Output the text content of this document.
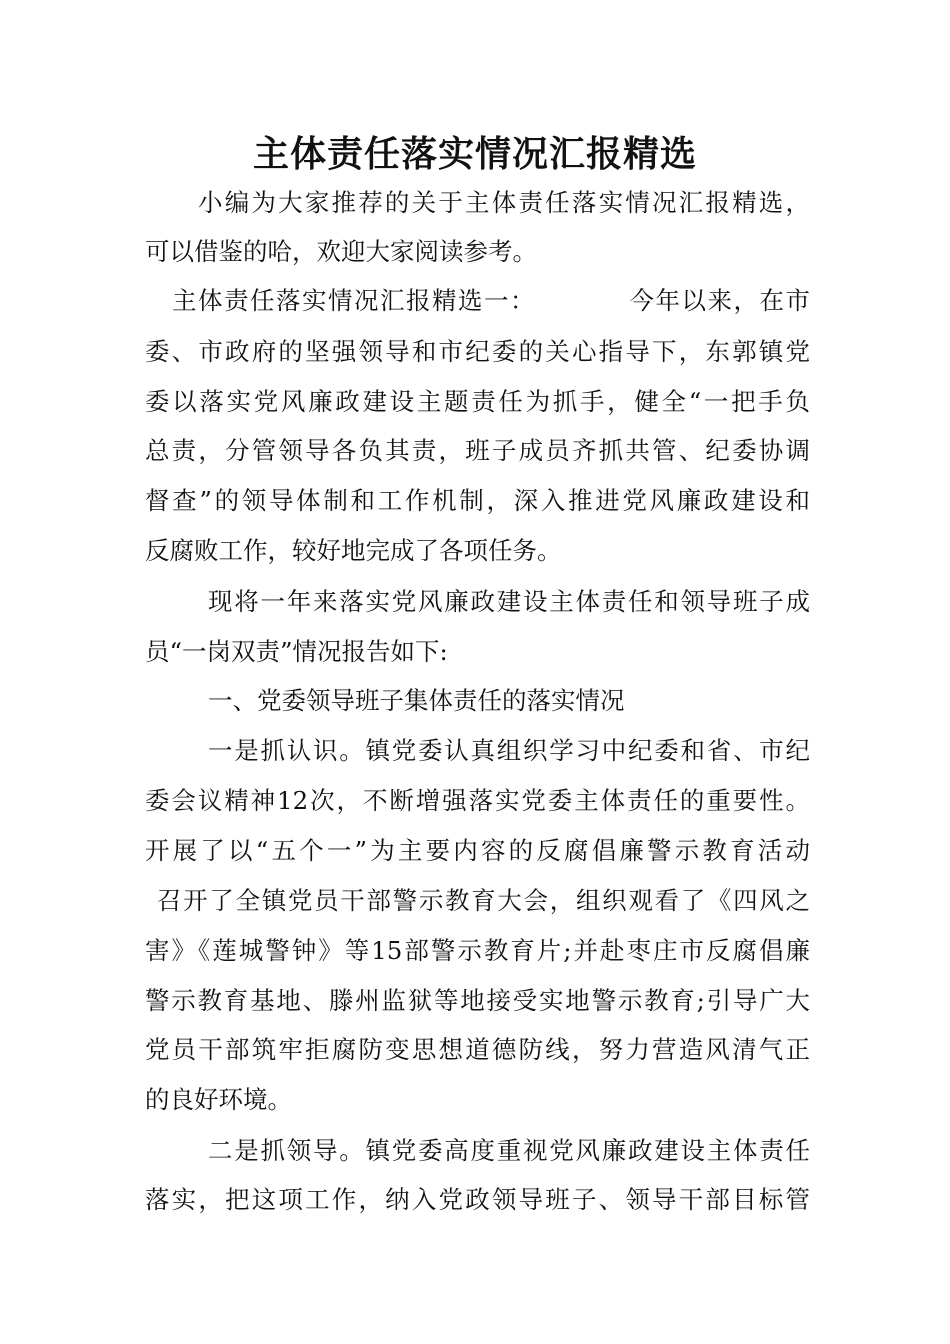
主体责任落实情况汇报精选
小编为大家推荐的关于主体责任落实情况汇报精选，
可以借鉴的哈，欢迎大家阅读参考。
主体责任落实情况汇报精选一：	今年以来，在市
委、市政府的坚强领导和市纪委的关心指导下，东郭镇党
委以落实党风廉政建设主题责任为抓手，健全“一把手负
总责，分管领导各负其责，班子成员齐抓共管、纪委协调
督查”的领导体制和工作机制，深入推进党风廉政建设和
反腐败工作，较好地完成了各项任务。
现将一年来落实党风廉政建设主体责任和领导班子成
员“一岗双责”情况报告如下:
一、党委领导班子集体责任的落实情况
一是抓认识。镇党委认真组织学习中纪委和省、市纪
委会议精神12次，不断增强落实党委主体责任的重要性。
开展了以“五个一”为主要内容的反腐倡廉警示教育活动
召开了全镇党员干部警示教育大会，组织观看了《四风之
害》《莲城警钟》等15部警示教育片;并赴枣庄市反腐倡廉
警示教育基地、滕州监狱等地接受实地警示教育;引导广大
党员干部筑牢拒腐防变思想道德防线，努力营造风清气正
的良好环境。
二是抓领导。镇党委高度重视党风廉政建设主体责任
落实，把这项工作，纳入党政领导班子、领导干部目标管
